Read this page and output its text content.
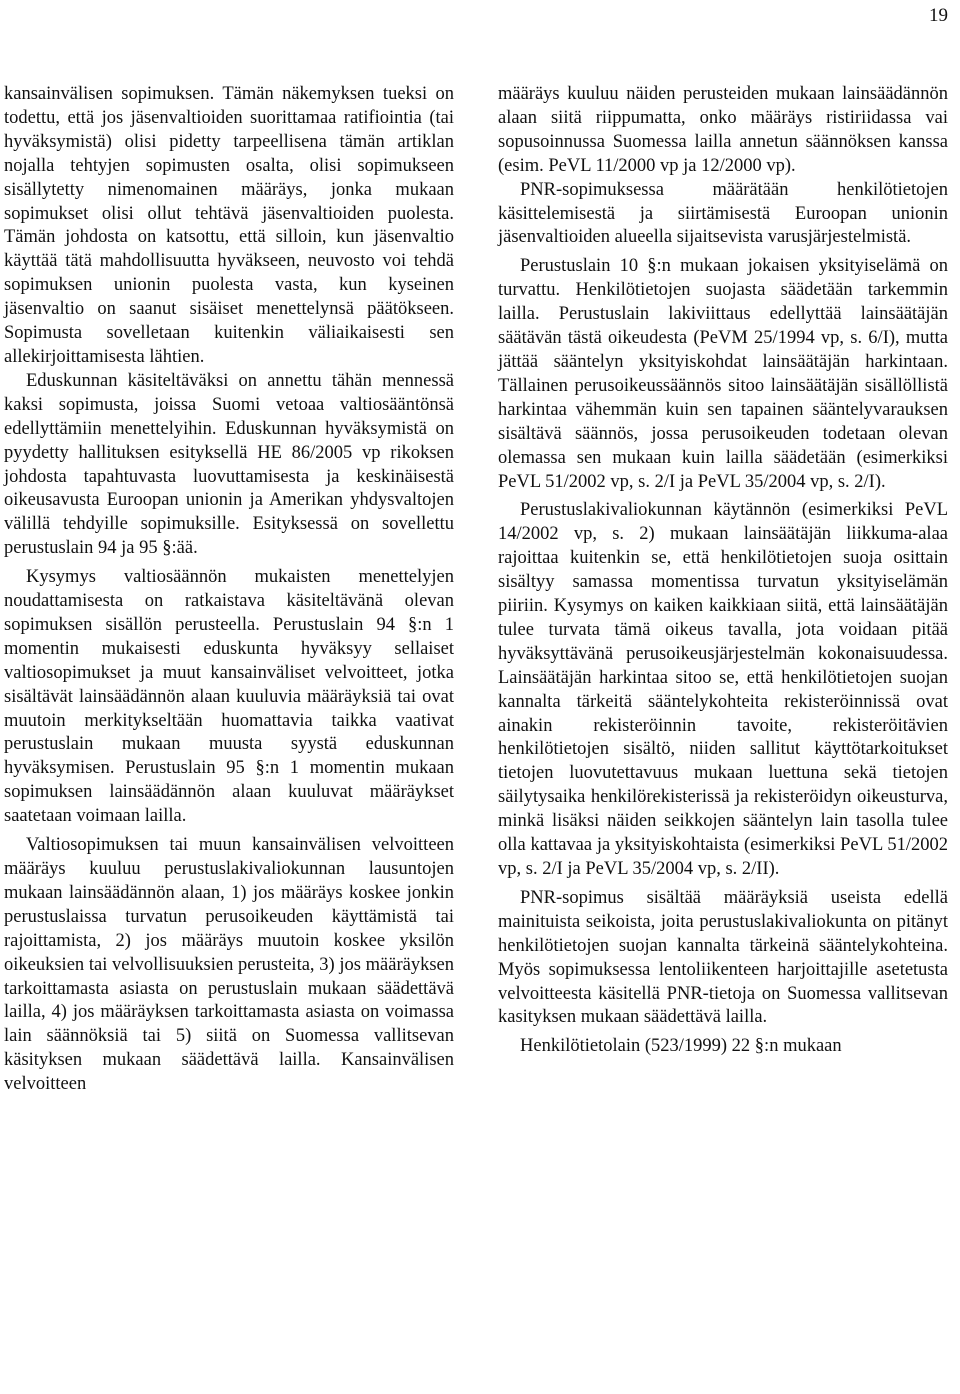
19

kansainvälisen sopimuksen. Tämän näkemyksen tueksi on todettu, että jos jäsenvaltioiden suorittamaa ratifiointia (tai hyväksymistä) olisi pidetty tarpeellisena tämän artiklan nojalla tehtyjen sopimusten osalta, olisi sopimukseen sisällytetty nimenomainen määräys, jonka mukaan sopimukset olisi ollut tehtävä jäsenvaltioiden puolesta. Tämän johdosta on katsottu, että silloin, kun jäsenvaltio käyttää tätä mahdollisuutta hyväkseen, neuvosto voi tehdä sopimuksen unionin puolesta vasta, kun kyseinen jäsenvaltio on saanut sisäiset menettelynsä päätökseen. Sopimusta sovelletaan kuitenkin väliaikaisesti sen allekirjoittamisesta lähtien.

Eduskunnan käsiteltäväksi on annettu tähän mennessä kaksi sopimusta, joissa Suomi vetoaa valtiosääntönsä edellyttämiin menettelyihin. Eduskunnan hyväksymistä on pyydetty hallituksen esityksellä HE 86/2005 vp rikoksen johdosta tapahtuvasta luovuttamisesta ja keskinäisestä oikeusavusta Euroopan unionin ja Amerikan yhdysvaltojen välillä tehdyille sopimuksille. Esityksessä on sovellettu perustuslain 94 ja 95 §:ää.

Kysymys valtiosäännön mukaisten menettelyjen noudattamisesta on ratkaistava käsiteltävänä olevan sopimuksen sisällön perusteella. Perustuslain 94 §:n 1 momentin mukaisesti eduskunta hyväksyy sellaiset valtiosopimukset ja muut kansainväliset velvoitteet, jotka sisältävät lainsäädännön alaan kuuluvia määräyksiä tai ovat muutoin merkitykseltään huomattavia taikka vaativat perustuslain mukaan muusta syystä eduskunnan hyväksymisen. Perustuslain 95 §:n 1 momentin mukaan sopimuksen lainsäädännön alaan kuuluvat määräykset saatetaan voimaan lailla.

Valtiosopimuksen tai muun kansainvälisen velvoitteen määräys kuuluu perustuslakivaliokunnan lausuntojen mukaan lainsäädännön alaan, 1) jos määräys koskee jonkin perustuslaissa turvatun perusoikeuden käyttämistä tai rajoittamista, 2) jos määräys muutoin koskee yksilön oikeuksien tai velvollisuuksien perusteita, 3) jos määräyksen tarkoittamasta asiasta on perustuslain mukaan säädettävä lailla, 4) jos määräyksen tarkoittamasta asiasta on voimassa lain säännöksiä tai 5) siitä on Suomessa vallitsevan käsityksen mukaan säädettävä lailla. Kansainvälisen velvoitteen

määräys kuuluu näiden perusteiden mukaan lainsäädännön alaan siitä riippumatta, onko määräys ristiriidassa vai sopusoinnussa Suomessa lailla annetun säännöksen kanssa (esim. PeVL 11/2000 vp ja 12/2000 vp).

PNR-sopimuksessa määrätään henkilötietojen käsittelemisestä ja siirtämisestä Euroopan unionin jäsenvaltioiden alueella sijaitsevista varusjärjestelmistä.

Perustuslain 10 §:n mukaan jokaisen yksityiselämä on turvattu. Henkilötietojen suojasta säädetään tarkemmin lailla. Perustuslain lakiviittaus edellyttää lainsäätäjän säätävän tästä oikeudesta (PeVM 25/1994 vp, s. 6/I), mutta jättää sääntelyn yksityiskohdat lainsäätäjän harkintaan. Tällainen perusoikeussäännös sitoo lainsäätäjän sisällöllistä harkintaa vähemmän kuin sen tapainen sääntelyvarauksen sisältävä säännös, jossa perusoikeuden todetaan olevan olemassa sen mukaan kuin lailla säädetään (esimerkiksi PeVL 51/2002 vp, s. 2/I ja PeVL 35/2004 vp, s. 2/I).

Perustuslakivaliokunnan käytännön (esimerkiksi PeVL 14/2002 vp, s. 2) mukaan lainsäätäjän liikkuma-alaa rajoittaa kuitenkin se, että henkilötietojen suoja osittain sisältyy samassa momentissa turvatun yksityiselämän piiriin. Kysymys on kaiken kaikkiaan siitä, että lainsäätäjän tulee turvata tämä oikeus tavalla, jota voidaan pitää hyväksyttävänä perusoikeusjärjestelmän kokonaisuudessa. Lainsäätäjän harkintaa sitoo se, että henkilötietojen suojan kannalta tärkeitä sääntelykohteita rekisteröinnissä ovat ainakin rekisteröinnin tavoite, rekisteröitävien henkilötietojen sisältö, niiden sallitut käyttötarkoitukset tietojen luovutettavuus mukaan luettuna sekä tietojen säilytysaika henkilörekisterissä ja rekisteröidyn oikeusturva, minkä lisäksi näiden seikkojen sääntelyn lain tasolla tulee olla kattavaa ja yksityiskohtaista (esimerkiksi PeVL 51/2002 vp, s. 2/I ja PeVL 35/2004 vp, s. 2/II).

PNR-sopimus sisältää määräyksiä useista edellä mainituista seikoista, joita perustuslakivaliokunta on pitänyt henkilötietojen suojan kannalta tärkeinä sääntelykohteina. Myös sopimuksessa lentoliikenteen harjoittajille asetetusta velvoitteesta käsitellä PNR-tietoja on Suomessa vallitsevan kasityksen mukaan säädettävä lailla.

Henkilötietolain (523/1999) 22 §:n mukaan
